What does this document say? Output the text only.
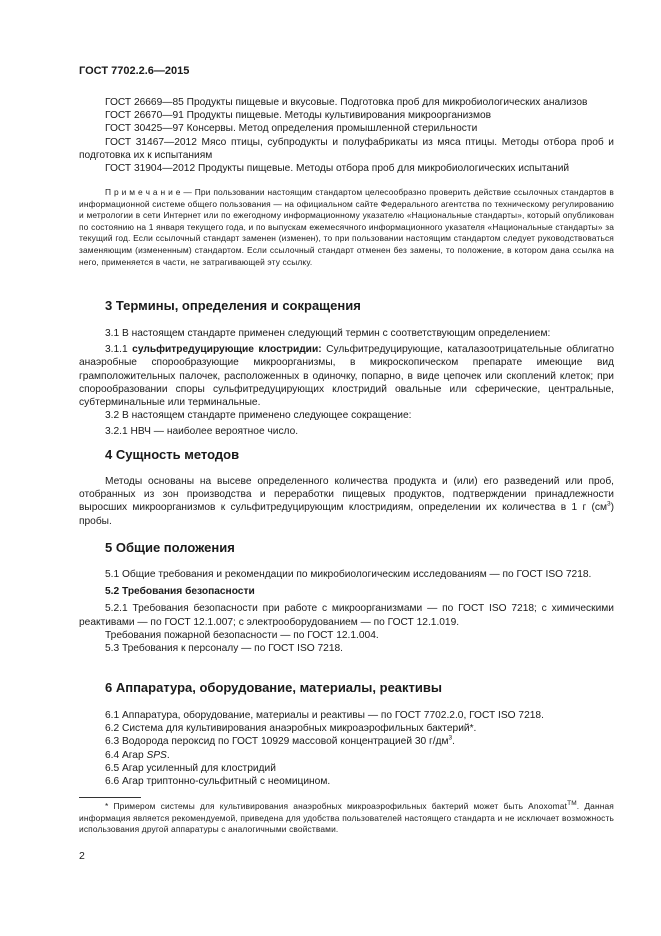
ГОСТ 7702.2.6—2015

ГОСТ 26669—85 Продукты пищевые и вкусовые. Подготовка проб для микробиологических анализов

ГОСТ 26670—91 Продукты пищевые. Методы культивирования микроорганизмов

ГОСТ 30425—97 Консервы. Метод определения промышленной стерильности

ГОСТ 31467—2012 Мясо птицы, субпродукты и полуфабрикаты из мяса птицы. Методы отбора проб и подготовка их к испытаниям

ГОСТ 31904—2012 Продукты пищевые. Методы отбора проб для микробиологических испытаний

П р и м е ч а н и е — При пользовании настоящим стандартом целесообразно проверить действие ссылочных стандартов в информационной системе общего пользования — на официальном сайте Федерального агентства по техническому регулированию и метрологии в сети Интернет или по ежегодному информационному указателю «Национальные стандарты», который опубликован по состоянию на 1 января текущего года, и по выпускам ежемесячного информационного указателя «Национальные стандарты» за текущий год. Если ссылочный стандарт заменен (изменен), то при пользовании настоящим стандартом следует руководствоваться заменяющим (измененным) стандартом. Если ссылочный стандарт отменен без замены, то положение, в котором дана ссылка на него, применяется в части, не затрагивающей эту ссылку.

3 Термины, определения и сокращения

3.1 В настоящем стандарте применен следующий термин с соответствующим определением:

3.1.1 сульфитредуцирующие клостридии: Сульфитредуцирующие, каталазоотрицательные облигатно анаэробные спорообразующие микроорганизмы, в микроскопическом препарате имеющие вид грамположительных палочек, расположенных в одиночку, попарно, в виде цепочек или скоплений клеток; при спорообразовании споры сульфитредуцирующих клостридий овальные или сферические, центральные, субтерминальные или терминальные.

3.2 В настоящем стандарте применено следующее сокращение:

3.2.1 НВЧ — наиболее вероятное число.

4 Сущность методов

Методы основаны на высеве определенного количества продукта и (или) его разведений или проб, отобранных из зон производства и переработки пищевых продуктов, подтверждении принадлежности выросших микроорганизмов к сульфитредуцирующим клостридиям, определении их количества в 1 г $(см^3)$ пробы.

5 Общие положения

5.1 Общие требования и рекомендации по микробиологическим исследованиям — по ГОСТ ISO 7218.

5.2 Требования безопасности

5.2.1 Требования безопасности при работе с микроорганизмами — по ГОСТ ISO 7218; с химическими реактивами — по ГОСТ 12.1.007; с электрооборудованием — по ГОСТ 12.1.019.

Требования пожарной безопасности — по ГОСТ 12.1.004.

5.3 Требования к персоналу — по ГОСТ ISO 7218.

6 Аппаратура, оборудование, материалы, реактивы

6.1 Аппаратура, оборудование, материалы и реактивы — по ГОСТ 7702.2.0, ГОСТ ISO 7218.

6.2 Система для культивирования анаэробных микроаэрофильных бактерий*.

6.3 Водорода пероксид по ГОСТ 10929 массовой концентрацией 30 $г/дм^3$.

6.4 Агар SPS.

6.5 Агар усиленный для клостридий

6.6 Агар триптонно-сульфитный с неомицином.

* Примером системы для культивирования анаэробных микроаэрофильных бактерий может быть Anoxomat™. Данная информация является рекомендуемой, приведена для удобства пользователей настоящего стандарта и не исключает возможность использования другой аппаратуры с аналогичными свойствами.

2
